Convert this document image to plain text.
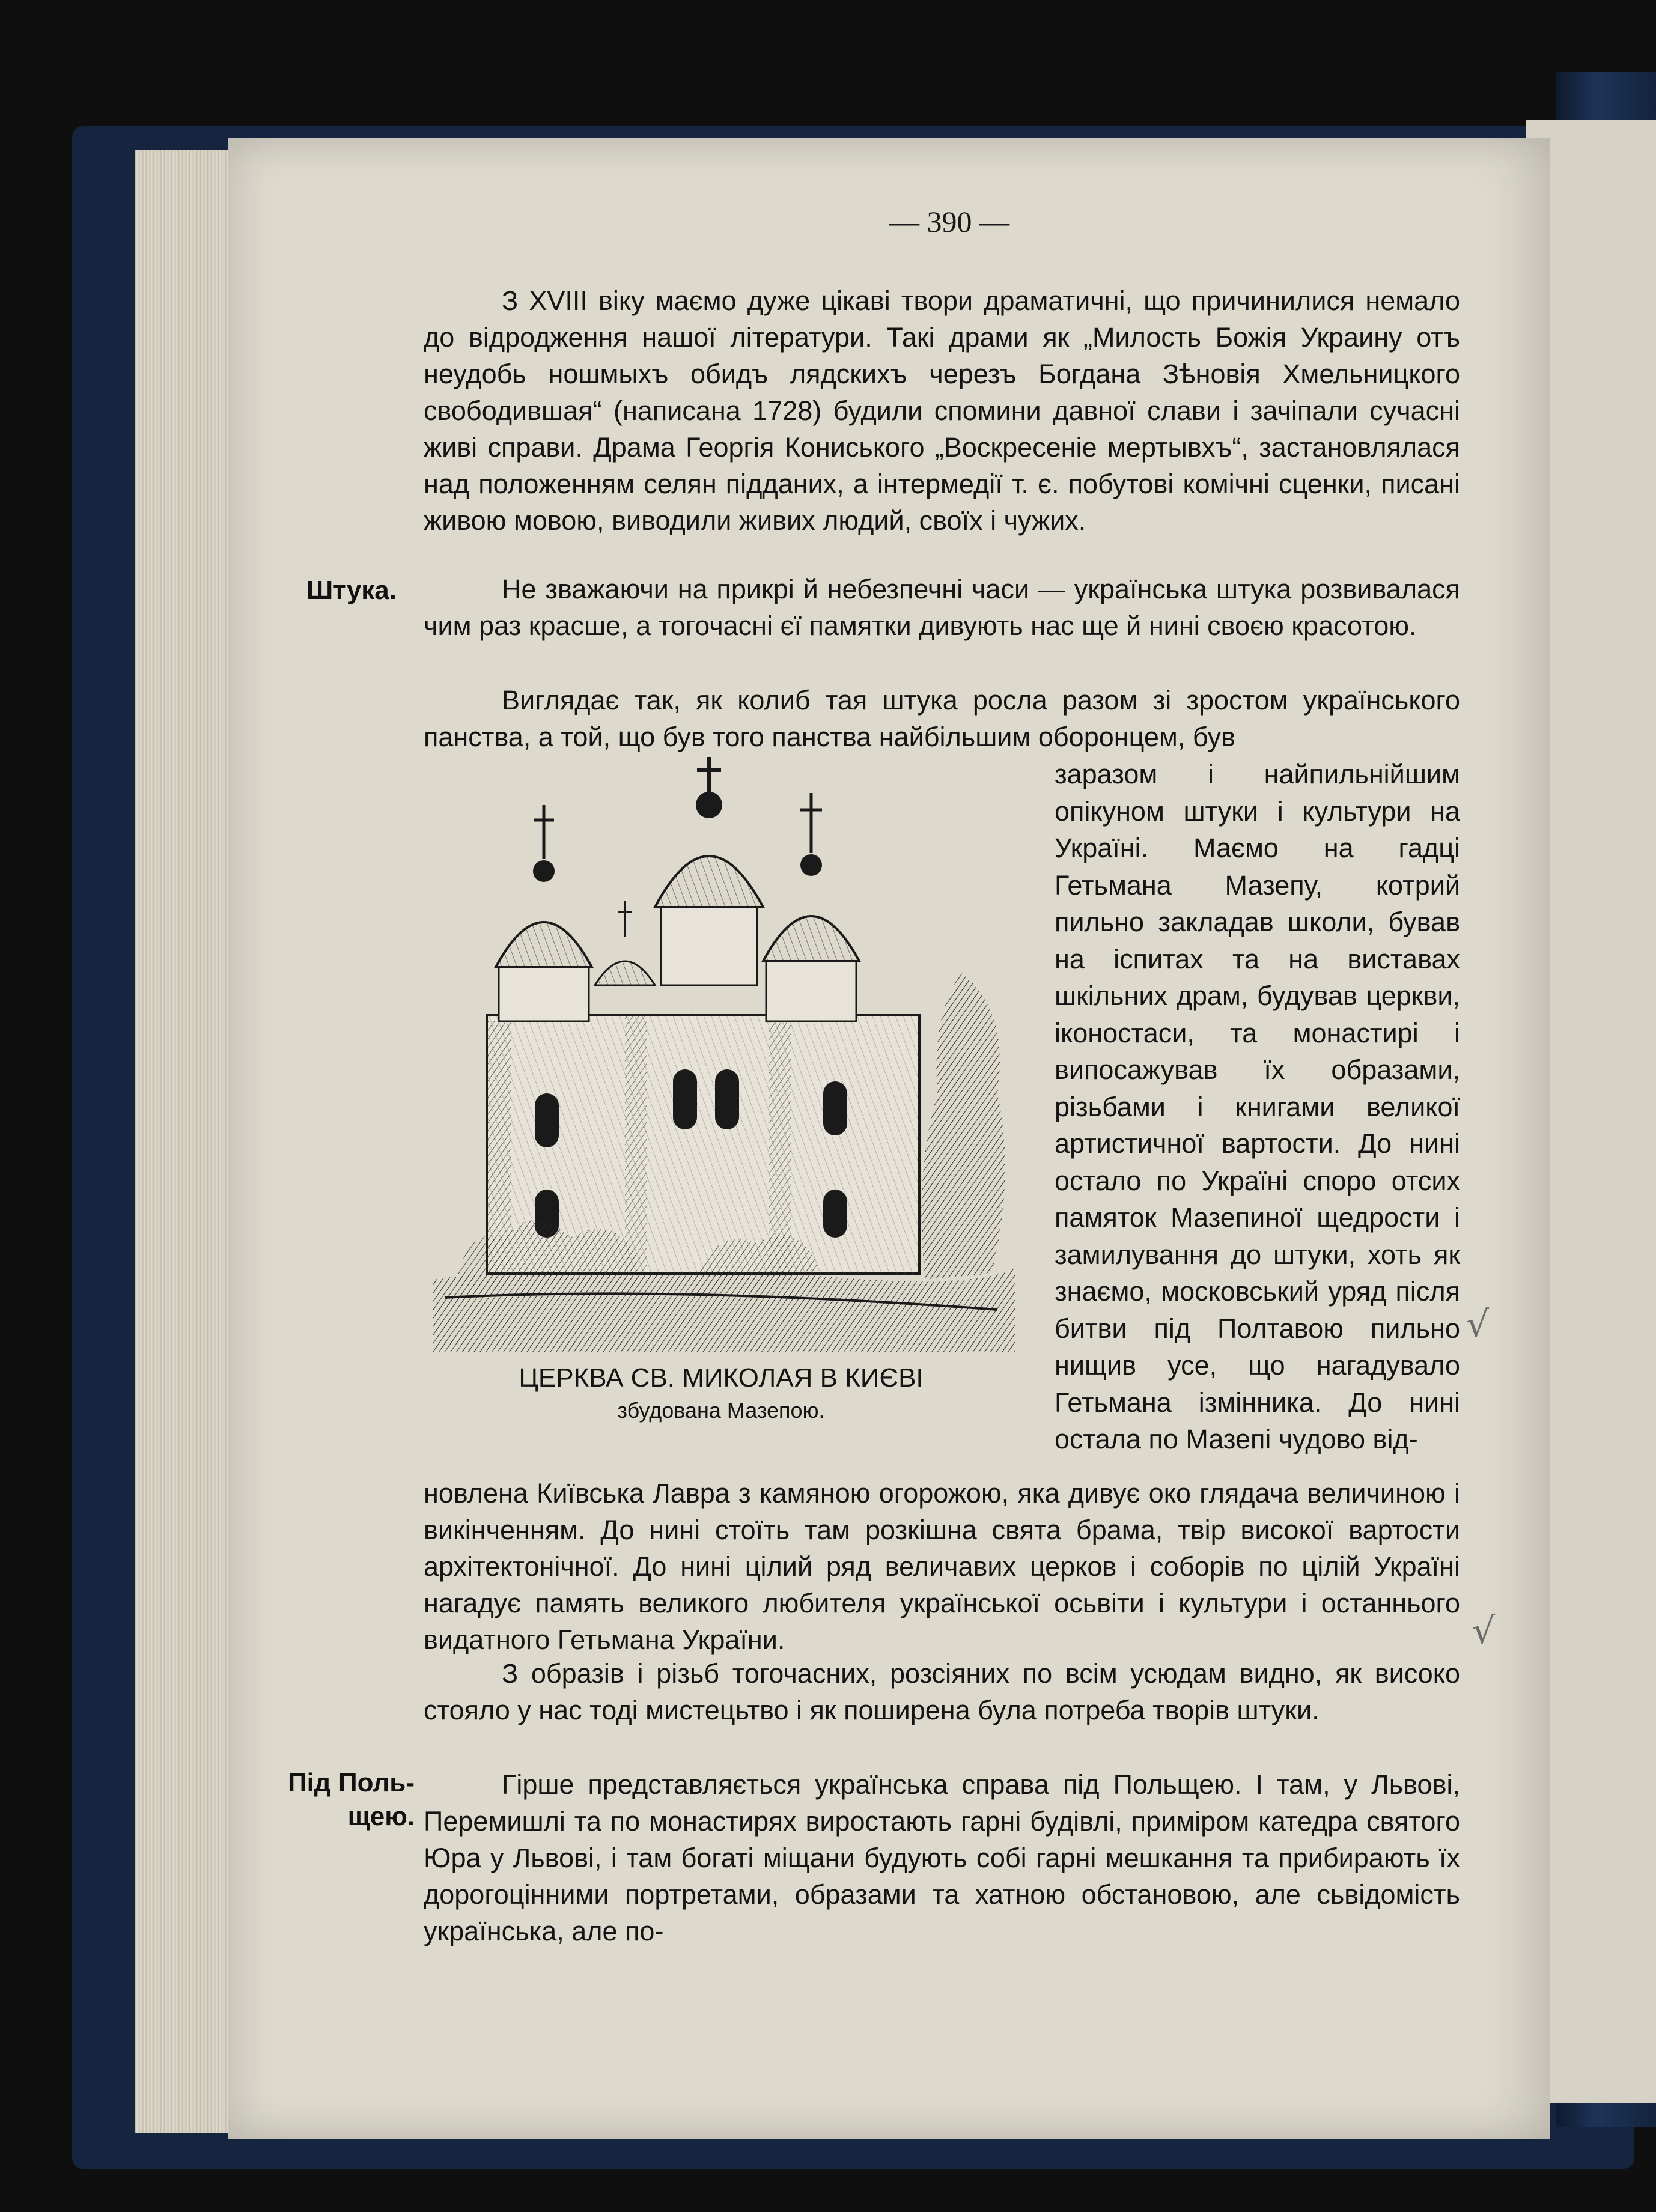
— 390 —

З XVIII віку маємо дуже цікаві твори драматичні, що причинилися немало до відродження нашої літератури. Такі драми як „Милость Божія Украину отъ неудобь ношмыхъ обидъ лядскихъ черезъ Богдана Зѣновія Хмельницкого свободившая“ (написана 1728) будили спомини давної слави і зачіпали сучасні живі справи. Драма Георгія Кониського „Воскресеніе мертывхъ“, застановлялася над положенням селян підданих, а інтермедії т. є. побутові комічні сценки, писані живою мовою, виводили живих людий, своїх і чужих.

Штука.	Не зважаючи на прикрі й небезпечні часи — українська штука розвивалася чим раз красше, а тогочасні єї памятки дивують нас ще й нині своєю красотою.

Виглядає так, як колиб тая штука росла разом зі зростом українського панства, а той, що був того панства найбільшим оборонцем, був

ЦЕРКВА СВ. МИКОЛАЯ В КИЄВІ
збудована Мазепою.

заразом і найпильнійшим опікуном штуки і культури на Україні. Маємо на гадці Гетьмана Мазепу, котрий пильно закладав школи, бував на іспитах та на виставах шкільних драм, будував церкви, іконостаси, та монастирі і випосажував їх образами, різьбами і книгами великої артистичної вартости. До нині остало по Україні споро отсих памяток Мазепиної щедрости і замилування до штуки, хоть як знаємо, московський уряд після битви під Полтавою пильно нищив усе, що нагадувало Гетьмана ізмінника. До нині остала по Мазепі чудово від-

новлена Київська Лавра з камяною огорожою, яка дивує око глядача величиною і викінченням. До нині стоїть там розкішна свята брама, твір високої вартости архітектонічної. До нині цілий ряд величавих церков і соборів по цілій Україні нагадує память великого любителя української осьвіти і культури і останнього видатного Гетьмана України.

З образів і різьб тогочасних, розсіяних по всім усюдам видно, як високо стояло у нас тоді мистецьтво і як поширена була потреба творів штуки.

Під Поль-
щею.

Гірше представляється українська справа під Польщею. І там, у Львові, Перемишлі та по монастирях виростають гарні будівлі, примірoм катедра святого Юра у Львові, і там богаті міщани будують собі гарні мешкання та прибирають їх дорогоцінними портретами, образами та хатною обстановою, але сьвідомість українська, але по-

√
√
